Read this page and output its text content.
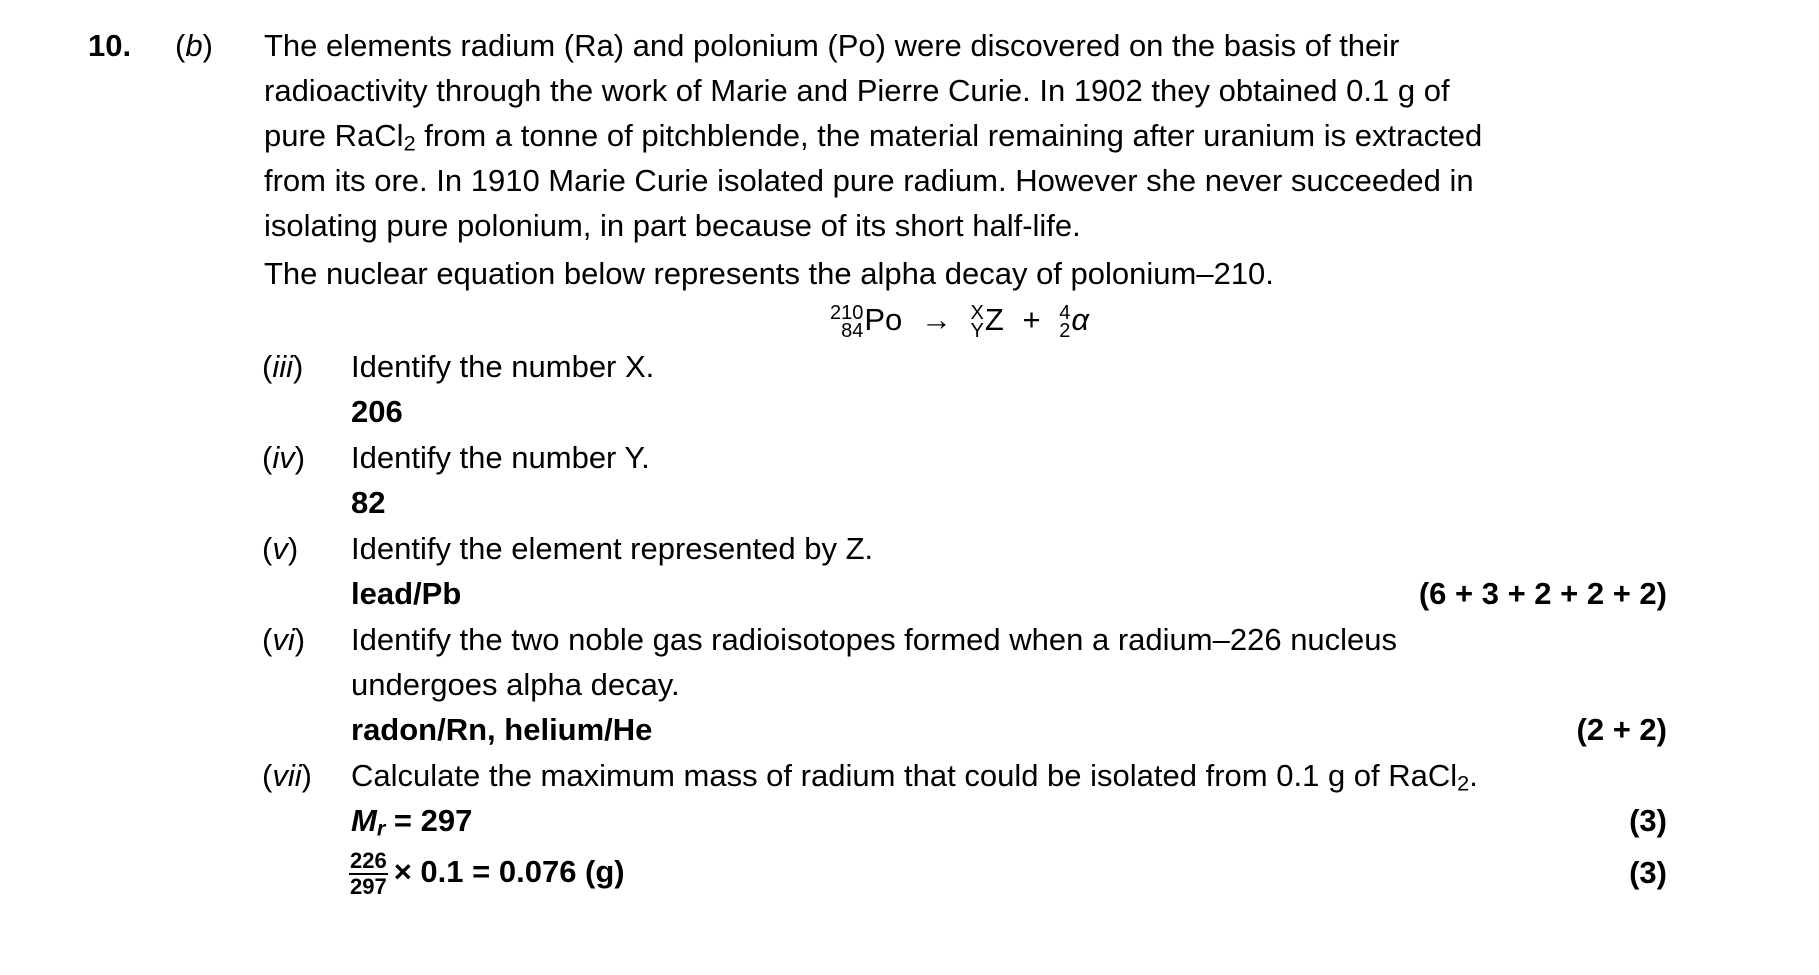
10. (b) The elements radium (Ra) and polonium (Po) were discovered on the basis of their
radioactivity through the work of Marie and Pierre Curie. In 1902 they obtained 0.1 g of
pure RaCl$_2$ from a tonne of pitchblende, the material remaining after uranium is extracted
from its ore. In 1910 Marie Curie isolated pure radium. However she never succeeded in
isolating pure polonium, in part because of its short half-life.
The nuclear equation below represents the alpha decay of polonium–210.
210
84 Po → X
Y Z + 4
2 α
(iii) Identify the number X.
206
(iv) Identify the number Y.
82
(v) Identify the element represented by Z.
lead/Pb	(6 + 3 + 2 + 2 + 2)
(vi) Identify the two noble gas radioisotopes formed when a radium–226 nucleus
undergoes alpha decay.
radon/Rn, helium/He	(2 + 2)
(vii) Calculate the maximum mass of radium that could be isolated from 0.1 g of RaCl$_2$.
$M_r = 297$	(3)
$\frac{226}{297} \times 0.1 = 0.076$ (g)	(3)
